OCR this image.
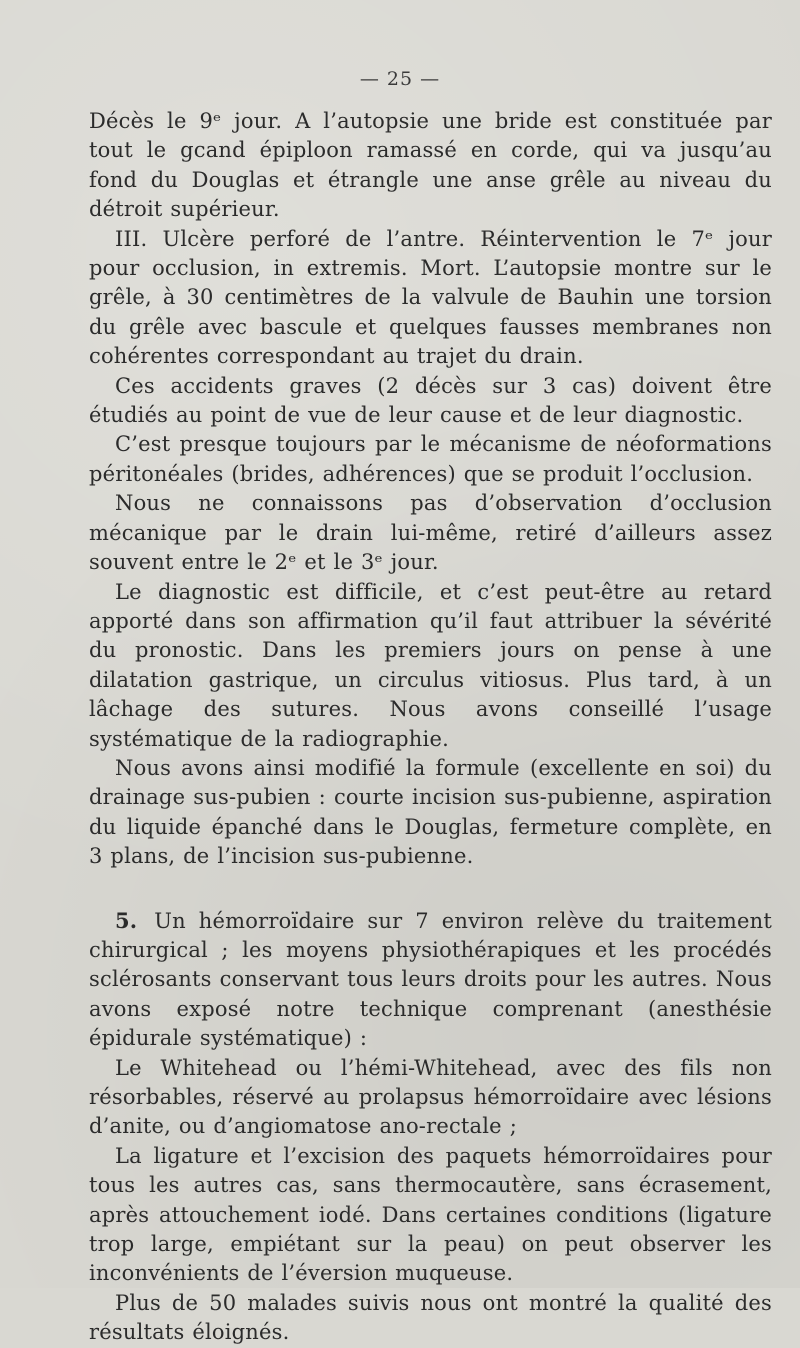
— 25 —

Décès le 9ᵉ jour. A l’autopsie une bride est constituée par tout le gcand épiploon ramassé en corde, qui va jusqu’au fond du Douglas et étrangle une anse grêle au niveau du détroit supérieur.

III. Ulcère perforé de l’antre. Réintervention le 7ᵉ jour pour occlusion, in extremis. Mort. L’autopsie montre sur le grêle, à 30 centimètres de la valvule de Bauhin une torsion du grêle avec bascule et quelques fausses membranes non cohérentes correspondant au trajet du drain.

Ces accidents graves (2 décès sur 3 cas) doivent être étudiés au point de vue de leur cause et de leur diagnostic.

C’est presque toujours par le mécanisme de néoformations péritonéales (brides, adhérences) que se produit l’occlusion.

Nous ne connaissons pas d’observation d’occlusion mécanique par le drain lui-même, retiré d’ailleurs assez souvent entre le 2ᵉ et le 3ᵉ jour.

Le diagnostic est difficile, et c’est peut-être au retard apporté dans son affirmation qu’il faut attribuer la sévérité du pronostic. Dans les premiers jours on pense à une dilatation gastrique, un circulus vitiosus. Plus tard, à un lâchage des sutures. Nous avons conseillé l’usage systématique de la radiographie.

Nous avons ainsi modifié la formule (excellente en soi) du drainage sus-pubien : courte incision sus-pubienne, aspiration du liquide épanché dans le Douglas, fermeture complète, en 3 plans, de l’incision sus-pubienne.

5. Un hémorroïdaire sur 7 environ relève du traitement chirurgical ; les moyens physiothérapiques et les procédés sclérosants conservant tous leurs droits pour les autres. Nous avons exposé notre technique comprenant (anesthésie épidurale systématique) :

Le Whitehead ou l’hémi-Whitehead, avec des fils non résorbables, réservé au prolapsus hémorroïdaire avec lésions d’anite, ou d’angiomatose ano-rectale ;

La ligature et l’excision des paquets hémorroïdaires pour tous les autres cas, sans thermocautère, sans écrasement, après attouchement iodé. Dans certaines conditions (ligature trop large, empiétant sur la peau) on peut observer les inconvénients de l’éversion muqueuse.

Plus de 50 malades suivis nous ont montré la qualité des résultats éloignés.
